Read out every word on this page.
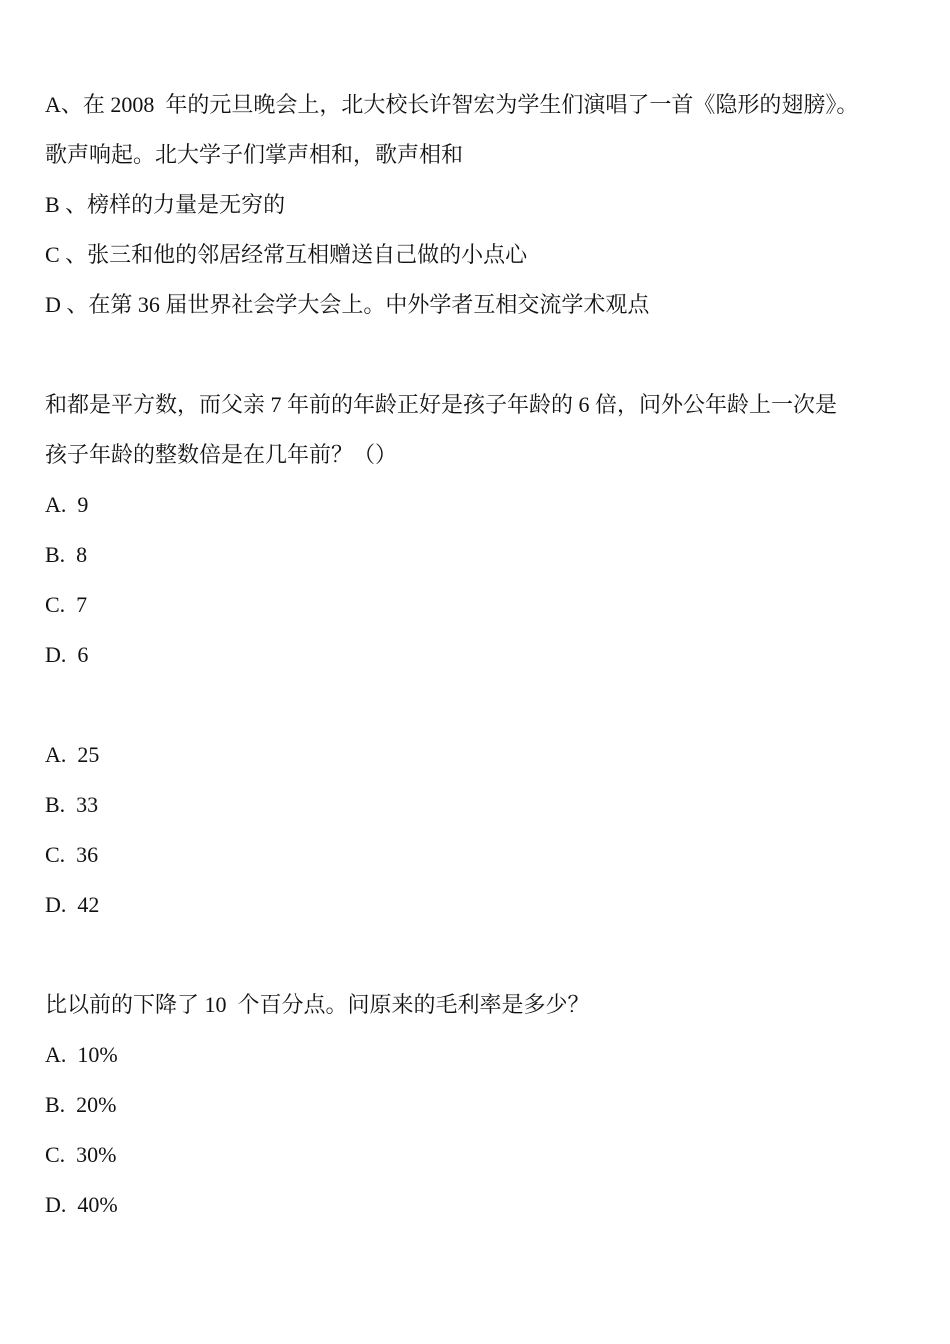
A、在 2008  年的元旦晚会上，北大校长许智宏为学生们演唱了一首《隐形的翅膀》。
歌声响起。北大学子们掌声相和，歌声相和
B 、榜样的力量是无穷的
C 、张三和他的邻居经常互相赠送自己做的小点心
D 、在第 36 届世界社会学大会上。中外学者互相交流学术观点

和都是平方数，而父亲 7 年前的年龄正好是孩子年龄的 6 倍，问外公年龄上一次是
孩子年龄的整数倍是在几年前？（）
A.  9
B.  8
C.  7
D.  6

A.  25
B.  33
C.  36
D.  42

比以前的下降了 10  个百分点。问原来的毛利率是多少？
A.  10%
B.  20%
C.  30%
D.  40%
